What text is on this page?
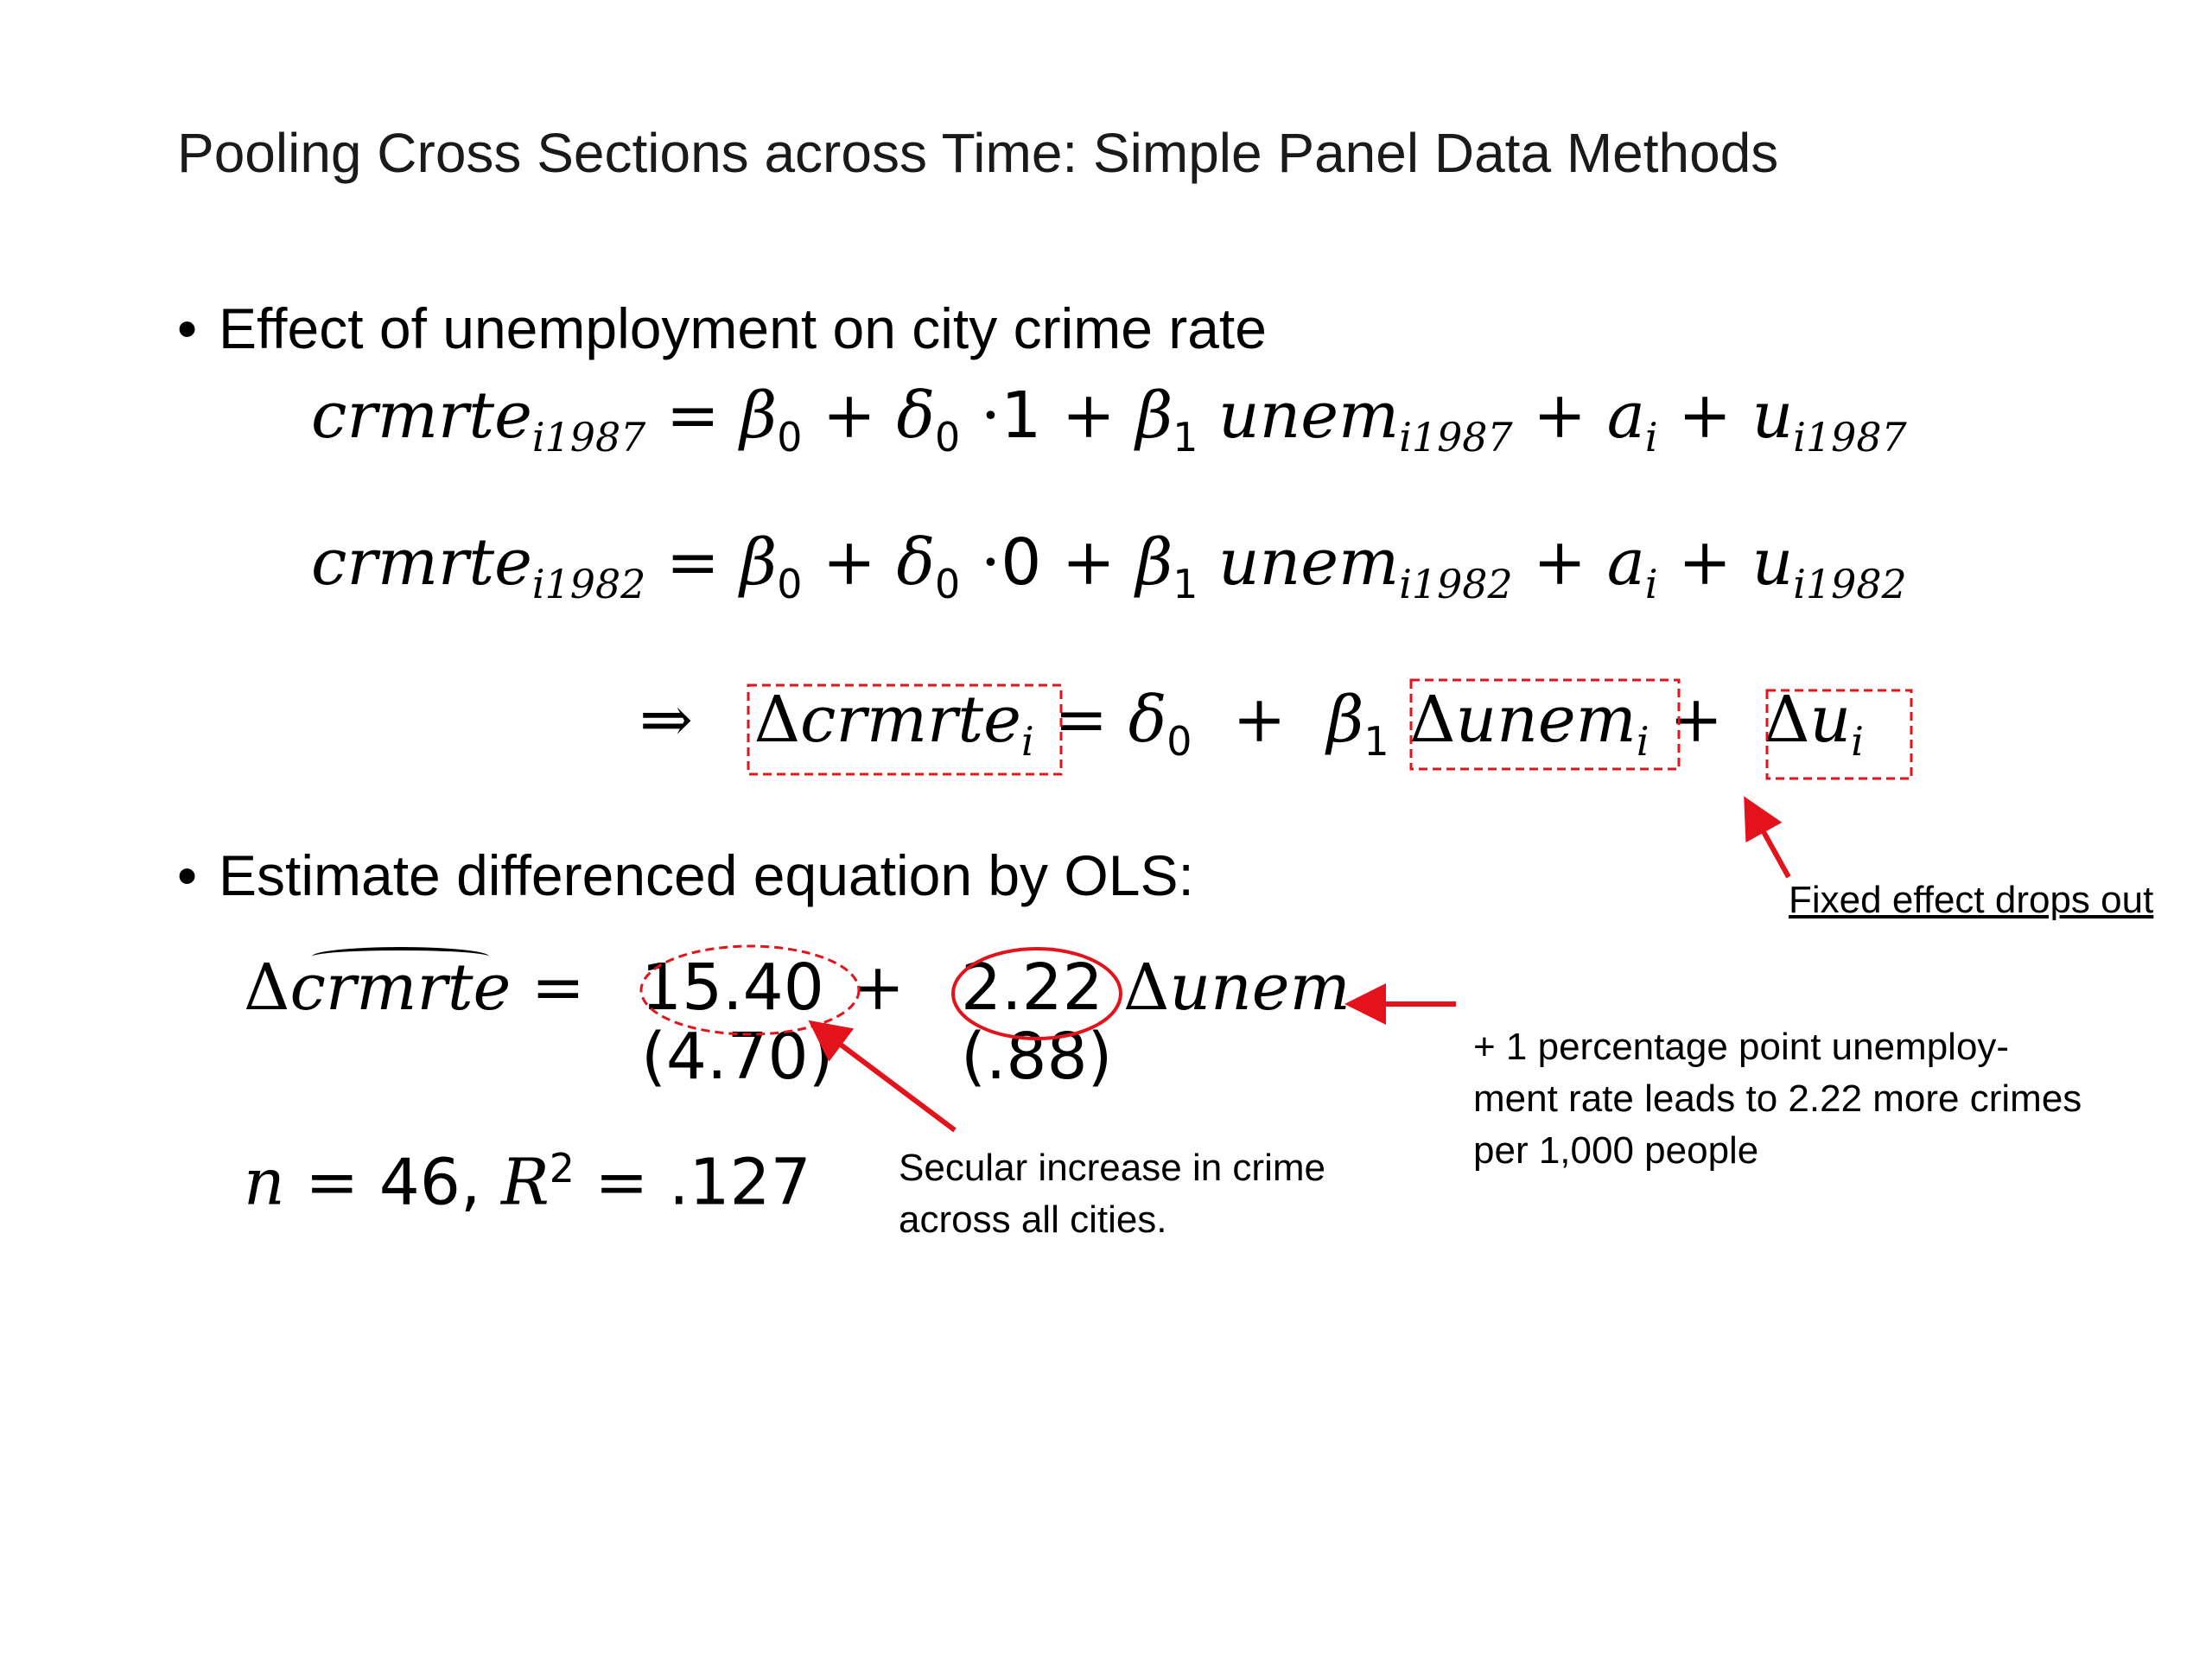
Pooling Cross Sections across Time: Simple Panel Data Methods
• Effect of unemployment on city crime rate
crmrte$_{i1987}$ = $\beta_0 + \delta_0 \cdot 1 + \beta_1$ unem$_{i1987}$ + $a_i + u_{i1987}$
crmrte$_{i1982}$ = $\beta_0 + \delta_0 \cdot 0 + \beta_1$ unem$_{i1982}$ + $a_i + u_{i1982}$
⇒ Δcrmrte$_i$ = $\delta_0 + \beta_1$ Δunem$_i$ + $\Delta u_i$
• Estimate differenced equation by OLS:	Fixed effect drops out
Δcrmrte = 15.40 + 2.22 Δunem
(4.70) (.88)
n = 46, $R^2 = .127$ Secular increase in crime
across all cities.
+ 1 percentage point unemploy-
ment rate leads to 2.22 more crimes
per 1,000 people
